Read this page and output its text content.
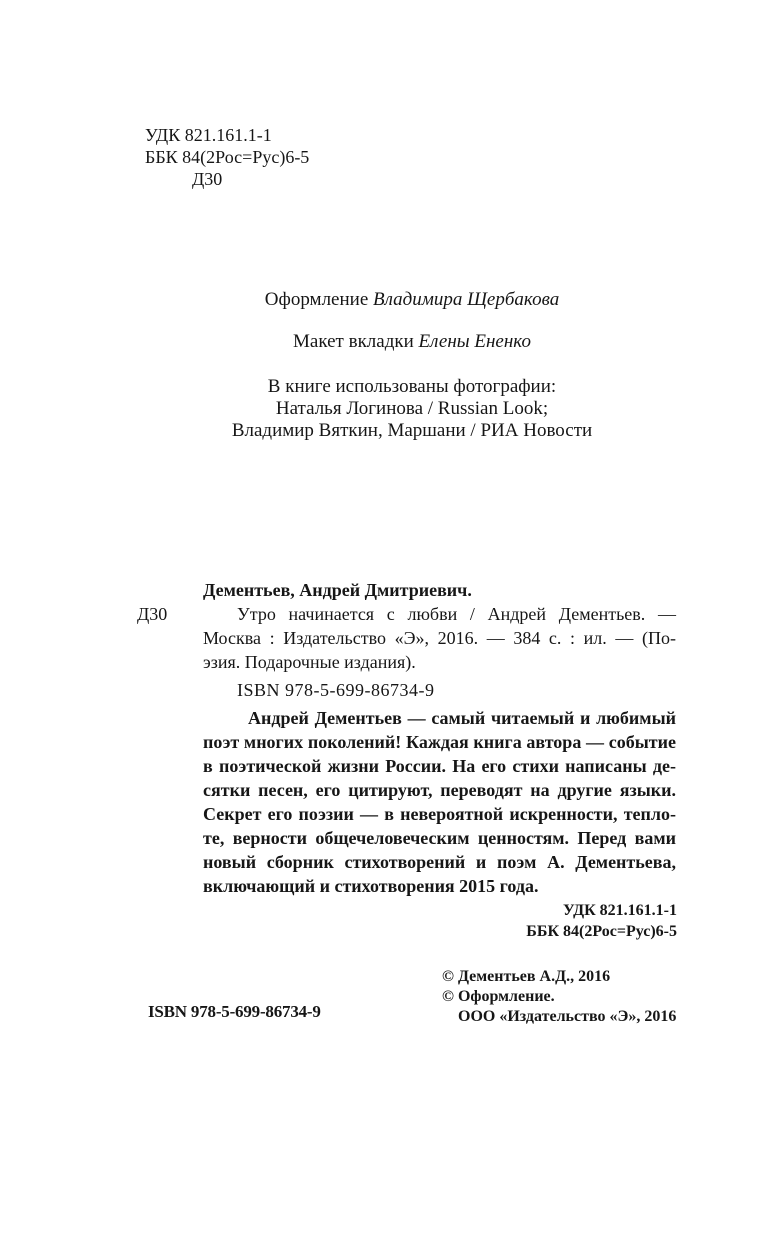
УДК 821.161.1-1
ББК 84(2Рос=Рус)6-5
Д30
Оформление Владимира Щербакова
Макет вкладки Елены Ененко
В книге использованы фотографии:
Наталья Логинова / Russian Look;
Владимир Вяткин, Маршани / РИА Новости
Дементьев, Андрей Дмитриевич.
Д30	Утро начинается с любви / Андрей Дементьев. —
Москва : Издательство «Э», 2016. — 384 с. : ил. — (По-
эзия. Подарочные издания).
ISBN 978-5-699-86734-9
Андрей Дементьев — самый читаемый и любимый
поэт многих поколений! Каждая книга автора — событие
в поэтической жизни России. На его стихи написаны де-
сятки песен, его цитируют, переводят на другие языки.
Секрет его поэзии — в невероятной искренности, тепло-
те, верности общечеловеческим ценностям. Перед вами
новый сборник стихотворений и поэм А. Дементьева,
включающий и стихотворения 2015 года.
УДК 821.161.1-1
ББК 84(2Рос=Рус)6-5
ISBN 978-5-699-86734-9
© Дементьев А.Д., 2016
© Оформление.
ООО «Издательство «Э», 2016
